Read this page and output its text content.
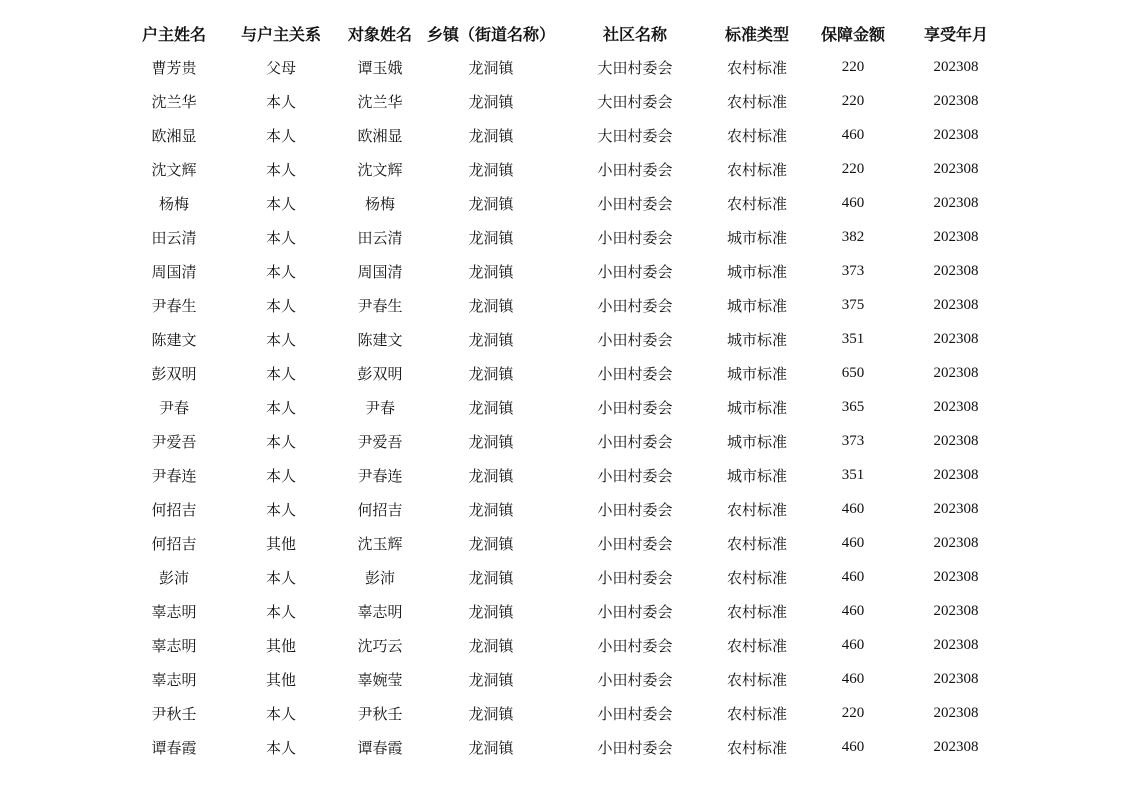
户主姓名	与户主关系	对象姓名	乡镇（街道名称）	社区名称	标准类型	保障金额	享受年月
曹芳贵	父母	谭玉娥	龙洞镇	大田村委会	农村标准	220	202308
沈兰华	本人	沈兰华	龙洞镇	大田村委会	农村标准	220	202308
欧湘显	本人	欧湘显	龙洞镇	大田村委会	农村标准	460	202308
沈文辉	本人	沈文辉	龙洞镇	小田村委会	农村标准	220	202308
杨梅	本人	杨梅	龙洞镇	小田村委会	农村标准	460	202308
田云清	本人	田云清	龙洞镇	小田村委会	城市标准	382	202308
周国清	本人	周国清	龙洞镇	小田村委会	城市标准	373	202308
尹春生	本人	尹春生	龙洞镇	小田村委会	城市标准	375	202308
陈建文	本人	陈建文	龙洞镇	小田村委会	城市标准	351	202308
彭双明	本人	彭双明	龙洞镇	小田村委会	城市标准	650	202308
尹春	本人	尹春	龙洞镇	小田村委会	城市标准	365	202308
尹爱吾	本人	尹爱吾	龙洞镇	小田村委会	城市标准	373	202308
尹春连	本人	尹春连	龙洞镇	小田村委会	城市标准	351	202308
何招吉	本人	何招吉	龙洞镇	小田村委会	农村标准	460	202308
何招吉	其他	沈玉辉	龙洞镇	小田村委会	农村标准	460	202308
彭沛	本人	彭沛	龙洞镇	小田村委会	农村标准	460	202308
辜志明	本人	辜志明	龙洞镇	小田村委会	农村标准	460	202308
辜志明	其他	沈巧云	龙洞镇	小田村委会	农村标准	460	202308
辜志明	其他	辜婉莹	龙洞镇	小田村委会	农村标准	460	202308
尹秋壬	本人	尹秋壬	龙洞镇	小田村委会	农村标准	220	202308
谭春霞	本人	谭春霞	龙洞镇	小田村委会	农村标准	460	202308
